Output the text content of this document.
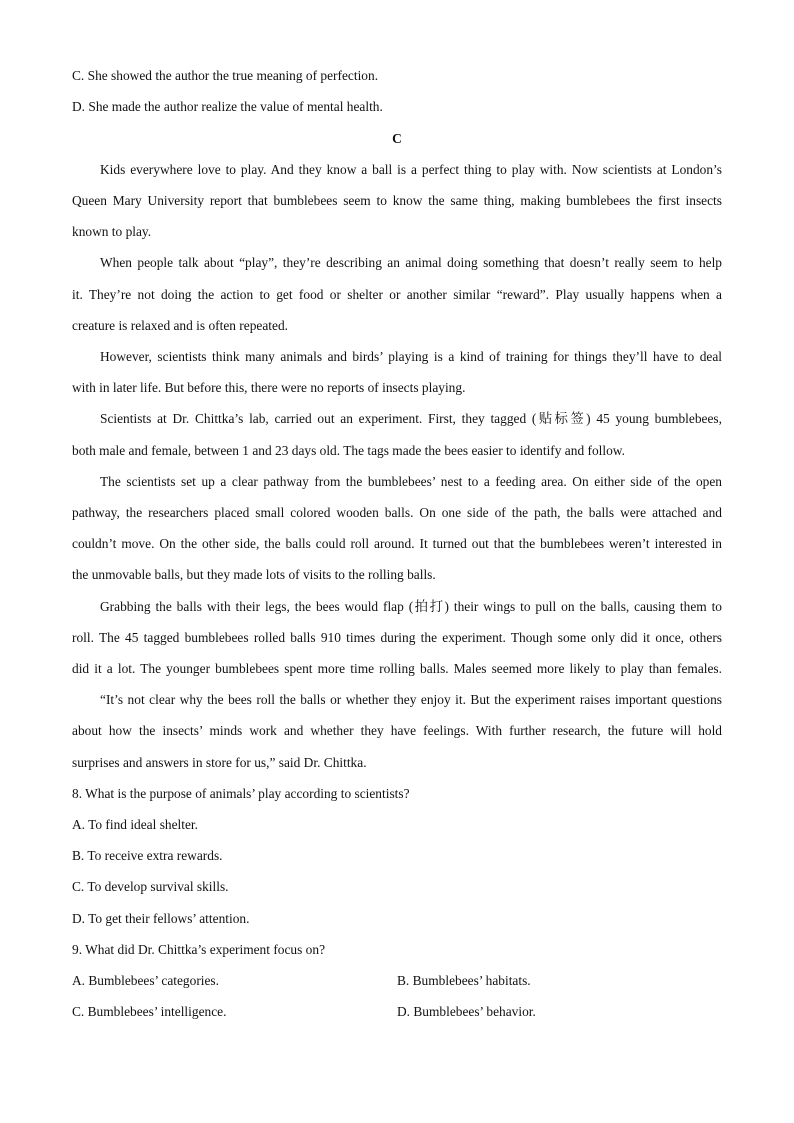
C. She showed the author the true meaning of perfection.
D. She made the author realize the value of mental health.
C
Kids everywhere love to play. And they know a ball is a perfect thing to play with. Now scientists at London’s
Queen Mary University report that bumblebees seem to know the same thing, making bumblebees the first insects
known to play.
When people talk about “play”, they’re describing an animal doing something that doesn’t really seem to help
it. They’re not doing the action to get food or shelter or another similar “reward”. Play usually happens when a
creature is relaxed and is often repeated.
However, scientists think many animals and birds’ playing is a kind of training for things they’ll have to deal
with in later life. But before this, there were no reports of insects playing.
Scientists at Dr. Chittka’s lab, carried out an experiment. First, they tagged (贴标签) 45 young bumblebees,
both male and female, between 1 and 23 days old. The tags made the bees easier to identify and follow.
The scientists set up a clear pathway from the bumblebees’ nest to a feeding area. On either side of the open
pathway, the researchers placed small colored wooden balls. On one side of the path, the balls were attached and
couldn’t move. On the other side, the balls could roll around. It turned out that the bumblebees weren’t interested in
the unmovable balls, but they made lots of visits to the rolling balls.
Grabbing the balls with their legs, the bees would flap (拍打) their wings to pull on the balls, causing them to
roll. The 45 tagged bumblebees rolled balls 910 times during the experiment. Though some only did it once, others
did it a lot. The younger bumblebees spent more time rolling balls. Males seemed more likely to play than females.
“It’s not clear why the bees roll the balls or whether they enjoy it. But the experiment raises important questions
about how the insects’ minds work and whether they have feelings. With further research, the future will hold
surprises and answers in store for us,” said Dr. Chittka.
8. What is the purpose of animals’ play according to scientists?
A. To find ideal shelter.
B. To receive extra rewards.
C. To develop survival skills.
D. To get their fellows’ attention.
9. What did Dr. Chittka’s experiment focus on?
A. Bumblebees’ categories.	B. Bumblebees’ habitats.
C. Bumblebees’ intelligence.	D. Bumblebees’ behavior.
